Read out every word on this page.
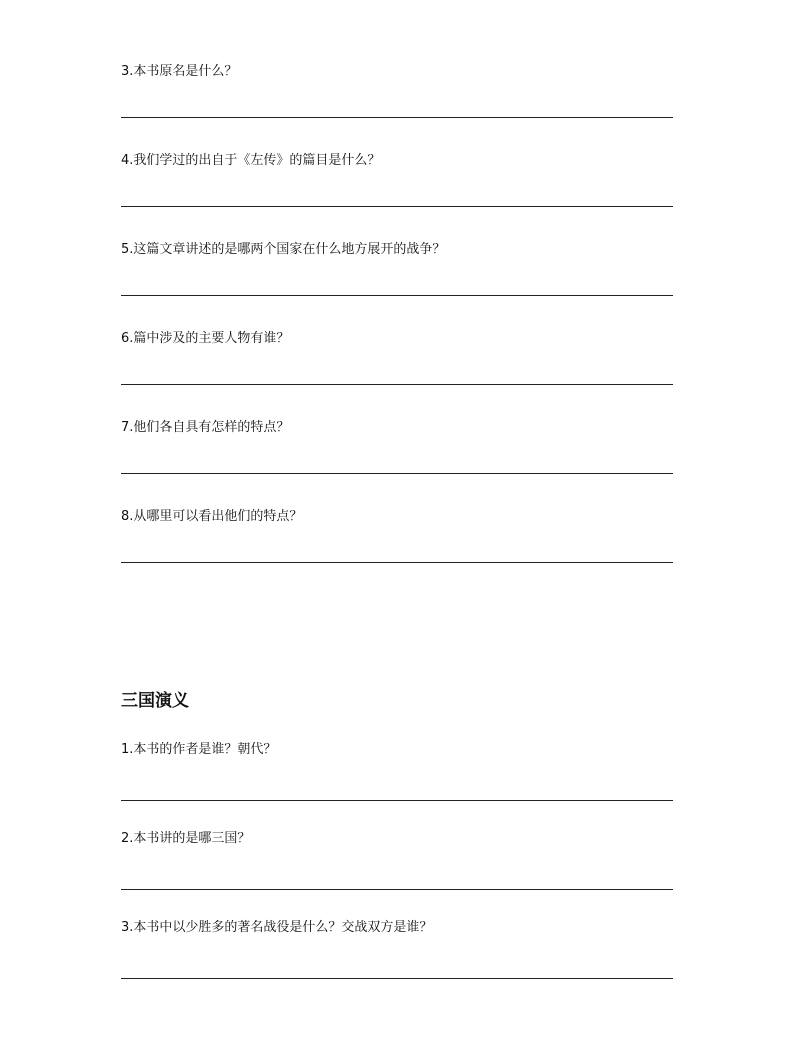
3.本书原名是什么？
4.我们学过的出自于《左传》的篇目是什么？
5.这篇文章讲述的是哪两个国家在什么地方展开的战争？
6.篇中涉及的主要人物有谁？
7.他们各自具有怎样的特点？
8.从哪里可以看出他们的特点？
三国演义
1.本书的作者是谁？朝代？
2.本书讲的是哪三国？
3.本书中以少胜多的著名战役是什么？交战双方是谁？
